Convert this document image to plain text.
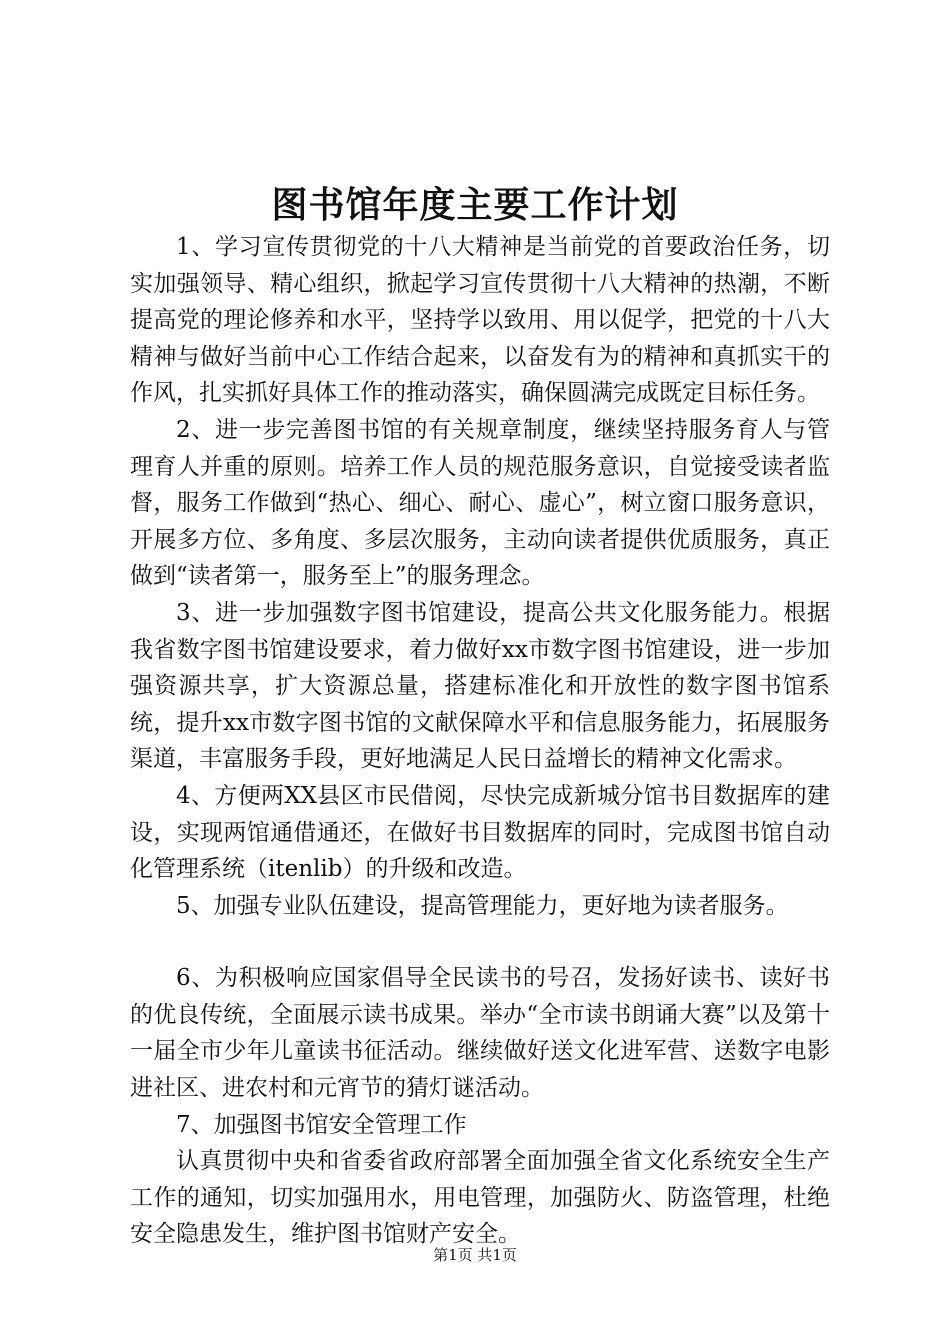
图书馆年度主要工作计划

1、学习宣传贯彻党的十八大精神是当前党的首要政治任务，切实加强领导、精心组织，掀起学习宣传贯彻十八大精神的热潮，不断提高党的理论修养和水平，坚持学以致用、用以促学，把党的十八大精神与做好当前中心工作结合起来，以奋发有为的精神和真抓实干的作风，扎实抓好具体工作的推动落实，确保圆满完成既定目标任务。

2、进一步完善图书馆的有关规章制度，继续坚持服务育人与管理育人并重的原则。培养工作人员的规范服务意识，自觉接受读者监督，服务工作做到“热心、细心、耐心、虚心”，树立窗口服务意识，开展多方位、多角度、多层次服务，主动向读者提供优质服务，真正做到“读者第一，服务至上”的服务理念。

3、进一步加强数字图书馆建设，提高公共文化服务能力。根据我省数字图书馆建设要求，着力做好xx市数字图书馆建设，进一步加强资源共享，扩大资源总量，搭建标准化和开放性的数字图书馆系统，提升xx市数字图书馆的文献保障水平和信息服务能力，拓展服务渠道，丰富服务手段，更好地满足人民日益增长的精神文化需求。

4、方便两XX县区市民借阅，尽快完成新城分馆书目数据库的建设，实现两馆通借通还，在做好书目数据库的同时，完成图书馆自动化管理系统（itenlib）的升级和改造。

5、加强专业队伍建设，提高管理能力，更好地为读者服务。

6、为积极响应国家倡导全民读书的号召，发扬好读书、读好书的优良传统，全面展示读书成果。举办“全市读书朗诵大赛”以及第十一届全市少年儿童读书征活动。继续做好送文化进军营、送数字电影进社区、进农村和元宵节的猜灯谜活动。

7、加强图书馆安全管理工作

认真贯彻中央和省委省政府部署全面加强全省文化系统安全生产工作的通知，切实加强用水，用电管理，加强防火、防盗管理，杜绝安全隐患发生，维护图书馆财产安全。

第1页 共1页
